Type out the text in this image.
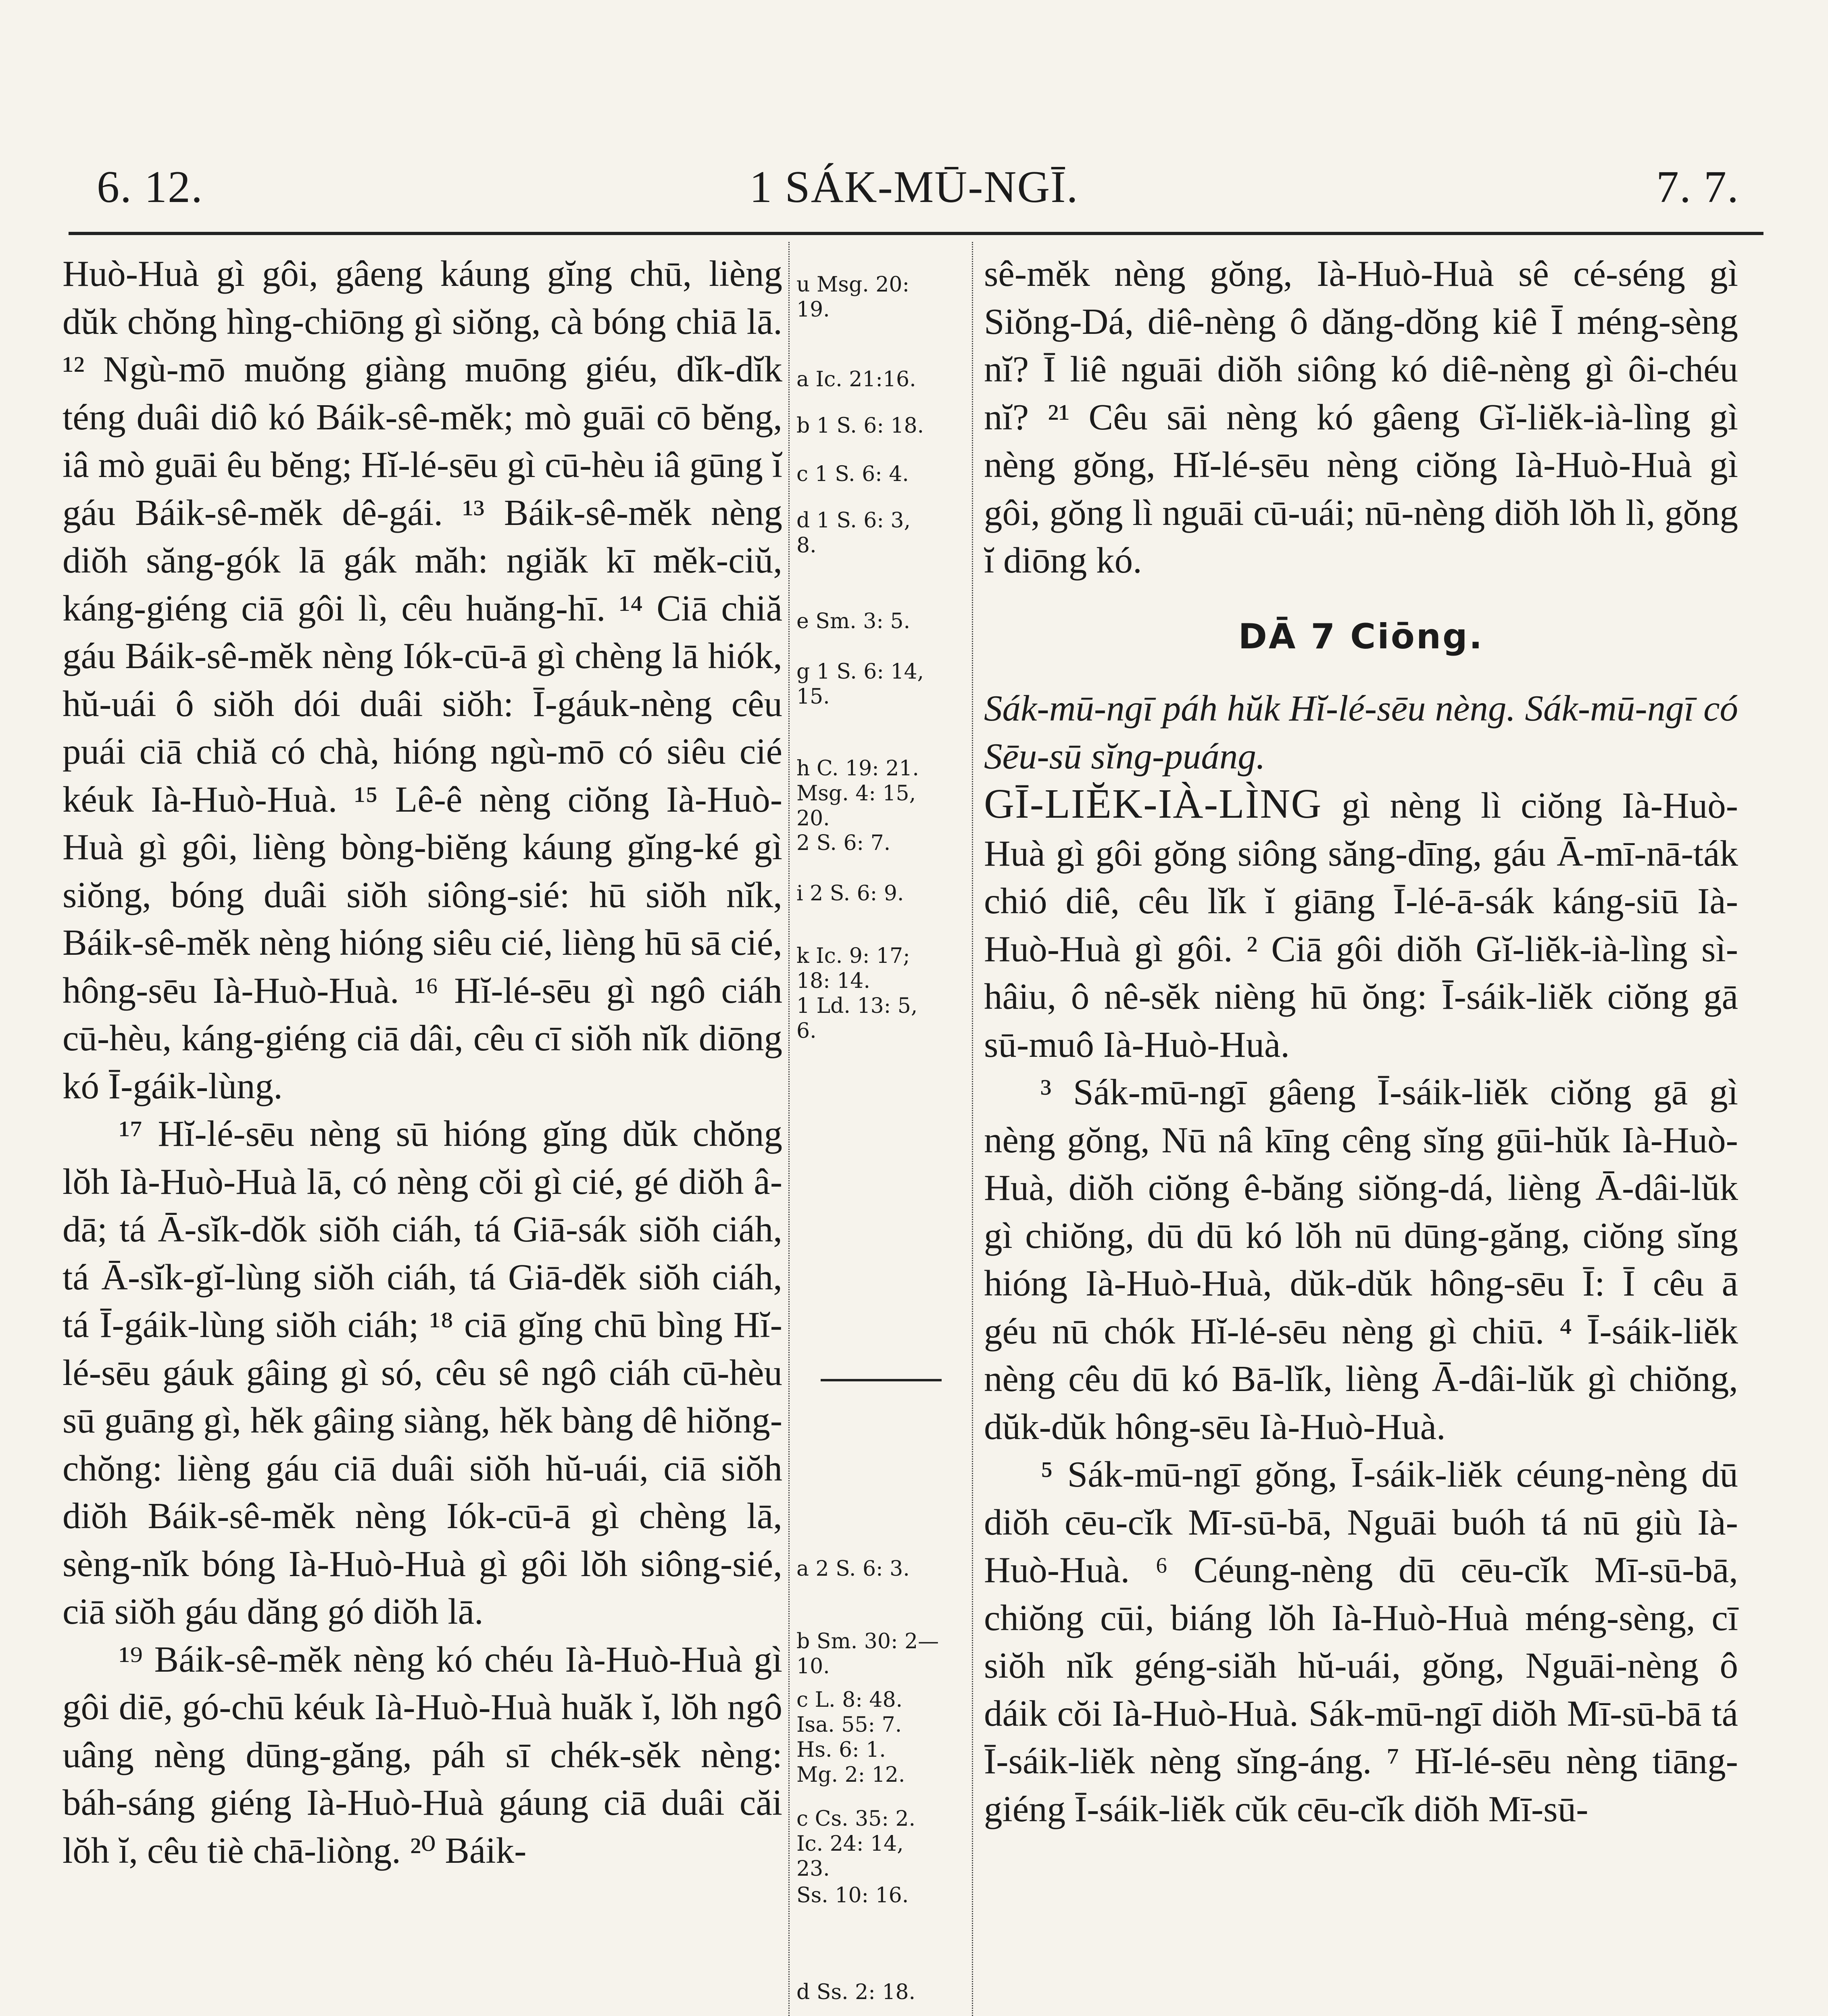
6. 12.	1 SÁK-MŪ-NGĪ.	7. 7.

Huò-Huà gì gôi, gâeng káung gĭng chū, lièng dŭk chŏng hìng-chiōng gì siŏng, cà bóng chiā lā. ¹² Ngù-mō muŏng giàng muōng giéu, dĭk-dĭk téng duâi diô kó Báik-sê-mĕk; mò guāi cō bĕng, iâ mò guāi êu bĕng; Hĭ-lé-sēu gì cū-hèu iâ gūng ĭ gáu Báik-sê-mĕk dê-gái. ¹³ Báik-sê-mĕk nèng diŏh săng-gók lā gák măh: ngiăk kī mĕk-ciŭ, káng-giéng ciā gôi lì, cêu huăng-hī. ¹⁴ Ciā chiă gáu Báik-sê-mĕk nèng Iók-cū-ā gì chèng lā hiók, hŭ-uái ô siŏh dói duâi siŏh: Ī-gáuk-nèng cêu puái ciā chiă có chà, hióng ngù-mō có siêu cié kéuk Ià-Huò-Huà. ¹⁵ Lê-ê nèng ciŏng Ià-Huò-Huà gì gôi, lièng bòng-biĕng káung gĭng-ké gì siŏng, bóng duâi siŏh siông-sié: hū siŏh nĭk, Báik-sê-mĕk nèng hióng siêu cié, lièng hū sā cié, hông-sēu Ià-Huò-Huà. ¹⁶ Hĭ-lé-sēu gì ngô ciáh cū-hèu, káng-giéng ciā dâi, cêu cī siŏh nĭk diōng kó Ī-gáik-lùng.

¹⁷ Hĭ-lé-sēu nèng sū hióng gĭng dŭk chŏng lŏh Ià-Huò-Huà lā, có nèng cŏi gì cié, gé diŏh â-dā; tá Ā-sĭk-dŏk siŏh ciáh, tá Giā-sák siŏh ciáh, tá Ā-sĭk-gĭ-lùng siŏh ciáh, tá Giā-dĕk siŏh ciáh, tá Ī-gáik-lùng siŏh ciáh; ¹⁸ ciā gĭng chū bìng Hĭ-lé-sēu gáuk gâing gì só, cêu sê ngô ciáh cū-hèu sū guāng gì, hĕk gâing siàng, hĕk bàng dê hiŏng-chŏng: lièng gáu ciā duâi siŏh hŭ-uái, ciā siŏh diŏh Báik-sê-mĕk nèng Iók-cū-ā gì chèng lā, sèng-nĭk bóng Ià-Huò-Huà gì gôi lŏh siông-sié, ciā siŏh gáu dăng gó diŏh lā.

¹⁹ Báik-sê-mĕk nèng kó chéu Ià-Huò-Huà gì gôi diē, gó-chū kéuk Ià-Huò-Huà huăk ĭ, lŏh ngô uâng nèng dūng-găng, páh sī chék-sĕk nèng: báh-sáng giéng Ià-Huò-Huà gáung ciā duâi căi lŏh ĭ, cêu tiè chā-liòng. ²⁰ Báik-

u Msg. 20:
19.
a Ic. 21:16.
b 1 S. 6: 18.
c 1 S. 6: 4.
d 1 S. 6: 3,
8.
e Sm. 3: 5.
g 1 S. 6: 14,
15.
h C. 19: 21.
Msg. 4: 15,
20.
2 S. 6: 7.
i 2 S. 6: 9.
k Ic. 9: 17;
18: 14.
1 Ld. 13: 5,
6.
a 2 S. 6: 3.
b Sm. 30: 2—
10.
c L. 8: 48.
Isa. 55: 7.
Hs. 6: 1.
Mg. 2: 12.
c Cs. 35: 2.
Ic. 24: 14,
23.
Ss. 10: 16.
d Ss. 2: 18.

sê-mĕk nèng gŏng, Ià-Huò-Huà sê cé-séng gì Siŏng-Dá, diê-nèng ô dăng-dŏng kiê Ī méng-sèng nĭ? Ī liê nguāi diŏh siông kó diê-nèng gì ôi-chéu nĭ? ²¹ Cêu sāi nèng kó gâeng Gĭ-liĕk-ià-lìng gì nèng gŏng, Hĭ-lé-sēu nèng ciŏng Ià-Huò-Huà gì gôi, gŏng lì nguāi cū-uái; nū-nèng diŏh lŏh lì, gŏng ĭ diōng kó.

DĀ 7 Ciōng.

Sák-mū-ngī páh hŭk Hĭ-lé-sēu nèng. Sák-mū-ngī có Sēu-sū sĭng-puáng.

GĪ-LIĔK-IÀ-LÌNG gì nèng lì ciŏng Ià-Huò-Huà gì gôi gŏng siông săng-dīng, gáu Ā-mī-nā-ták chió diê, cêu lĭk ĭ giāng Ī-lé-ā-sák káng-siū Ià-Huò-Huà gì gôi. ² Ciā gôi diŏh Gĭ-liĕk-ià-lìng sì-hâiu, ô nê-sĕk nièng hū ŏng: Ī-sáik-liĕk ciŏng gā sū-muô Ià-Huò-Huà.

³ Sák-mū-ngī gâeng Ī-sáik-liĕk ciŏng gā gì nèng gŏng, Nū nâ kīng cêng sĭng gūi-hŭk Ià-Huò-Huà, diŏh ciŏng ê-băng siŏng-dá, lièng Ā-dâi-lŭk gì chiŏng, dū dū kó lŏh nū dūng-găng, ciŏng sĭng hióng Ià-Huò-Huà, dŭk-dŭk hông-sēu Ī: Ī cêu ā géu nū chók Hĭ-lé-sēu nèng gì chiū. ⁴ Ī-sáik-liĕk nèng cêu dū kó Bā-lĭk, lièng Ā-dâi-lŭk gì chiŏng, dŭk-dŭk hông-sēu Ià-Huò-Huà.

⁵ Sák-mū-ngī gŏng, Ī-sáik-liĕk céung-nèng dū diŏh cēu-cĭk Mī-sū-bā, Nguāi buóh tá nū giù Ià-Huò-Huà. ⁶ Céung-nèng dū cēu-cĭk Mī-sū-bā, chiŏng cūi, biáng lŏh Ià-Huò-Huà méng-sèng, cī siŏh nĭk géng-siăh hŭ-uái, gŏng, Nguāi-nèng ô dáik cŏi Ià-Huò-Huà. Sák-mū-ngī diŏh Mī-sū-bā tá Ī-sáik-liĕk nèng sĭng-áng. ⁷ Hĭ-lé-sēu nèng tiāng-giéng Ī-sáik-liĕk cŭk cēu-cĭk diŏh Mī-sū-
